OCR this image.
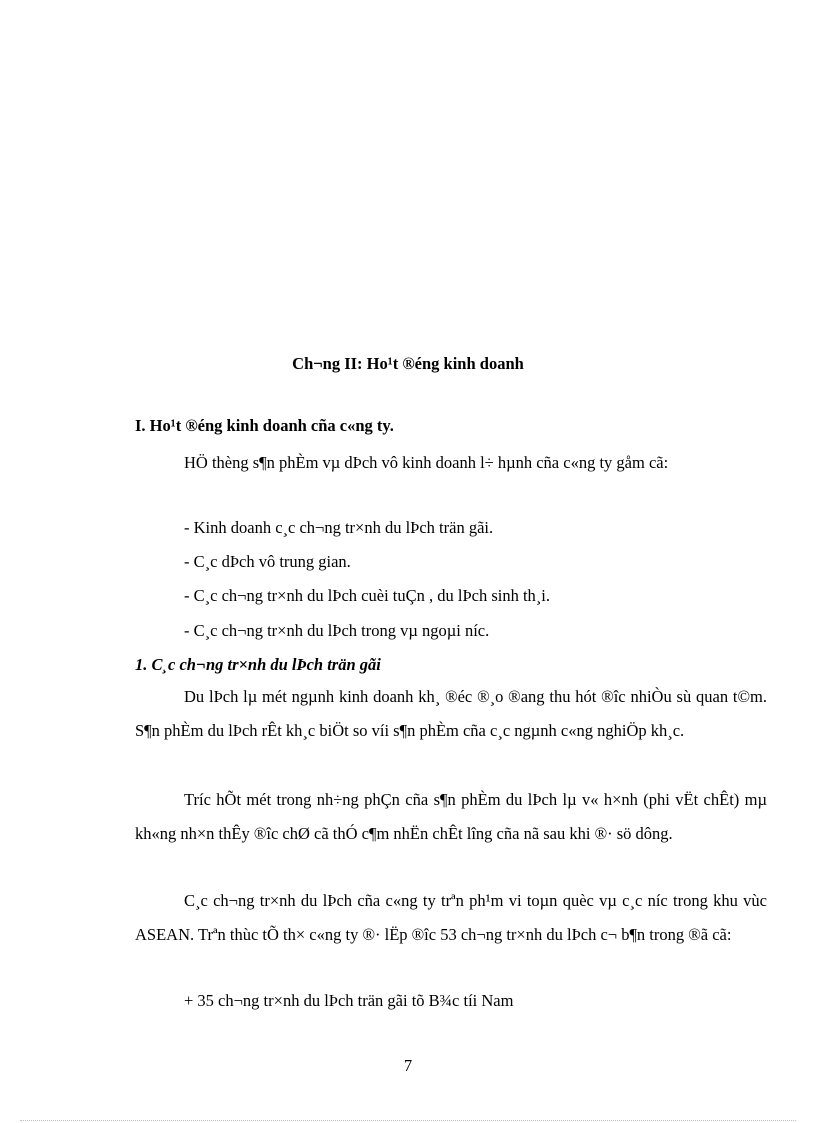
Ch¬ng II: Ho¹t ®éng kinh doanh
I. Ho¹t ®éng kinh doanh cña c«ng ty.

HÖ thèng s¶n phÈm vµ dÞch vô kinh doanh l÷ hµnh cña c«ng ty gåm cã:

- Kinh doanh c¸c ch¬ng tr×nh du lÞch trän gãi.
- C¸c dÞch vô trung gian.
- C¸c ch¬ng tr×nh du lÞch cuèi tuÇn , du lÞch sinh th¸i.
- C¸c ch¬ng tr×nh du lÞch trong vµ ngoµi níc.
1. C¸c ch¬ng tr×nh du lÞch trän gãi

Du lÞch lµ mét ngµnh kinh doanh kh¸ ®éc ®¸o ®ang thu hót ®îc nhiÒu sù quan t©m. S¶n phÈm du lÞch rÊt kh¸c biÖt so víi s¶n phÈm cña c¸c ngµnh c«ng nghiÖp kh¸c.

Tríc hÕt mét trong nh÷ng phÇn cña s¶n phÈm du lÞch lµ v« h×nh (phi vËt chÊt) mµ kh«ng nh×n thÊy ®îc chØ cã thÓ c¶m nhËn chÊt lîng cña nã sau khi ®· sö dông.

C¸c ch¬ng tr×nh du lÞch cña c«ng ty trªn ph¹m vi toµn quèc vµ c¸c níc trong khu vùc ASEAN. Trªn thùc tÕ th× c«ng ty ®· lËp ®îc 53 ch¬ng tr×nh du lÞch c¬ b¶n trong ®ã cã:

+ 35 ch¬ng tr×nh du lÞch trän gãi tõ B¾c tíi Nam
7
